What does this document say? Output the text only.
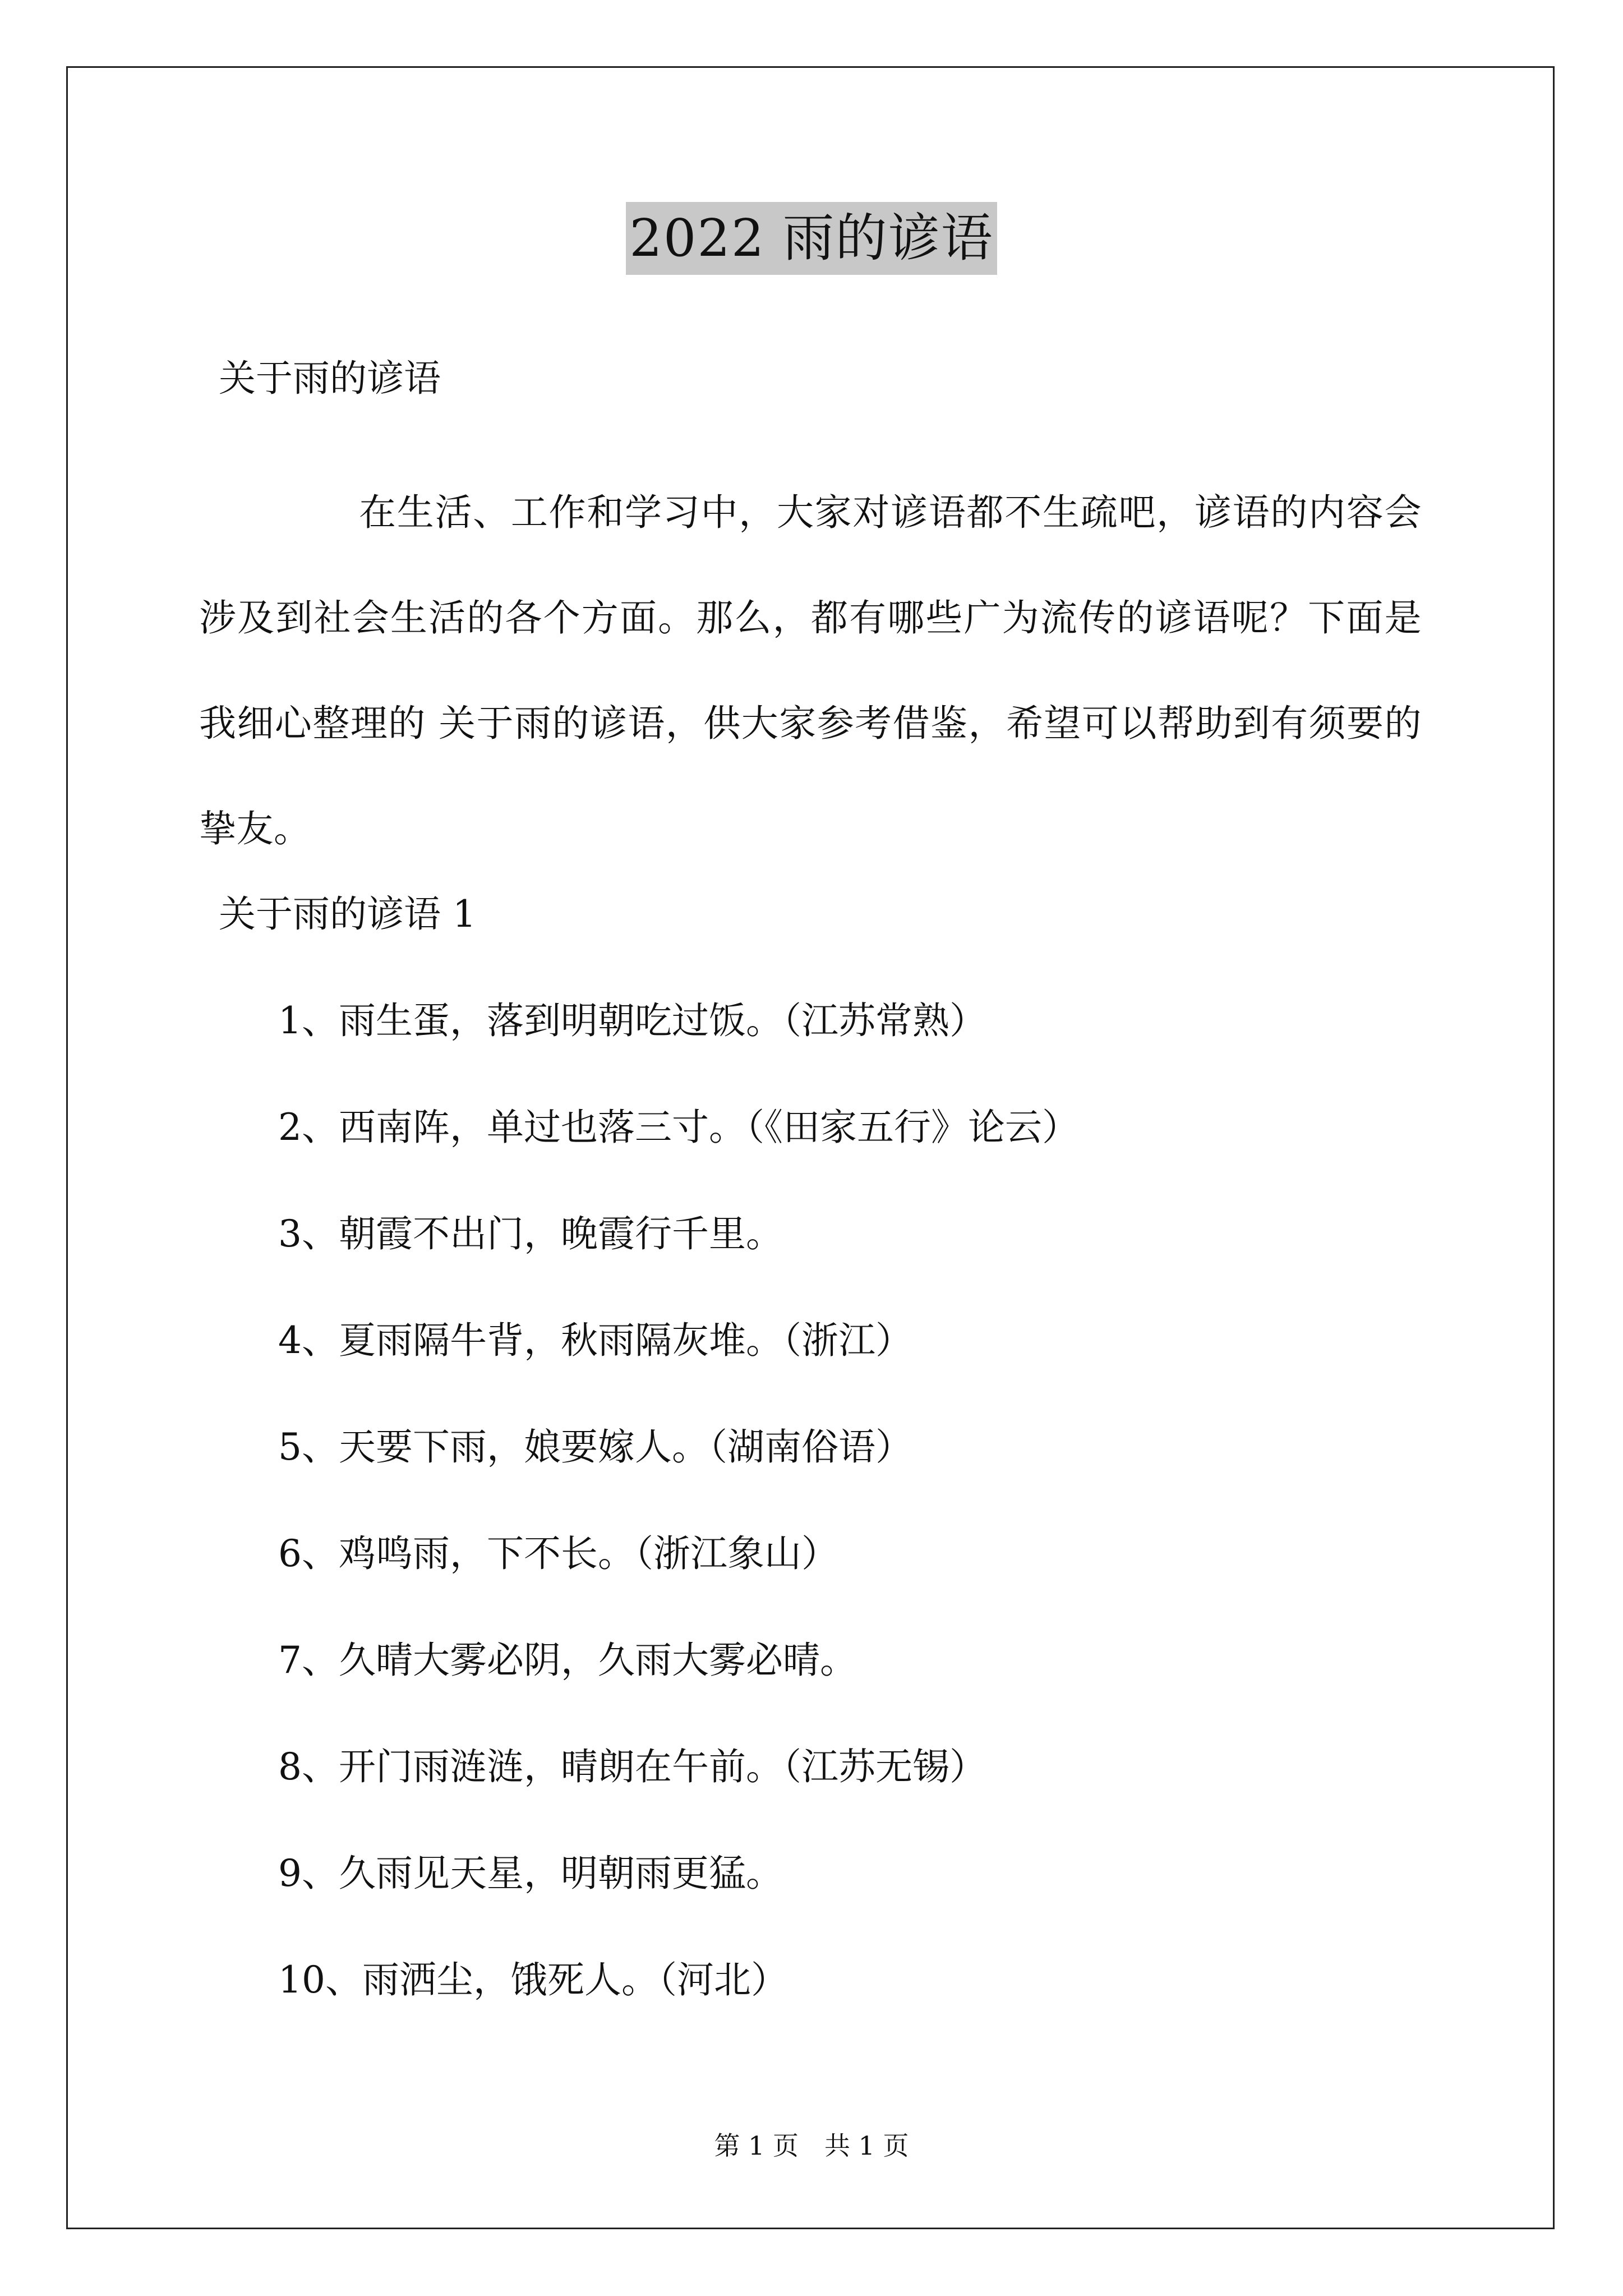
2022 雨的谚语
关于雨的谚语
在生活、工作和学习中，大家对谚语都不生疏吧，谚语的内容会涉及到社会生活的各个方面。那么，都有哪些广为流传的谚语呢？下面是我细心整理的 关于雨的谚语，供大家参考借鉴，希望可以帮助到有须要的挚友。
关于雨的谚语 1
1、雨生蛋，落到明朝吃过饭。（江苏常熟）
2、西南阵，单过也落三寸。（《田家五行》论云）
3、朝霞不出门，晚霞行千里。
4、夏雨隔牛背，秋雨隔灰堆。（浙江）
5、天要下雨，娘要嫁人。（湖南俗语）
6、鸡鸣雨，下不长。（浙江象山）
7、久晴大雾必阴，久雨大雾必晴。
8、开门雨涟涟，晴朗在午前。（江苏无锡）
9、久雨见天星，明朝雨更猛。
10、雨洒尘，饿死人。（河北）
第 1 页　共 1 页
